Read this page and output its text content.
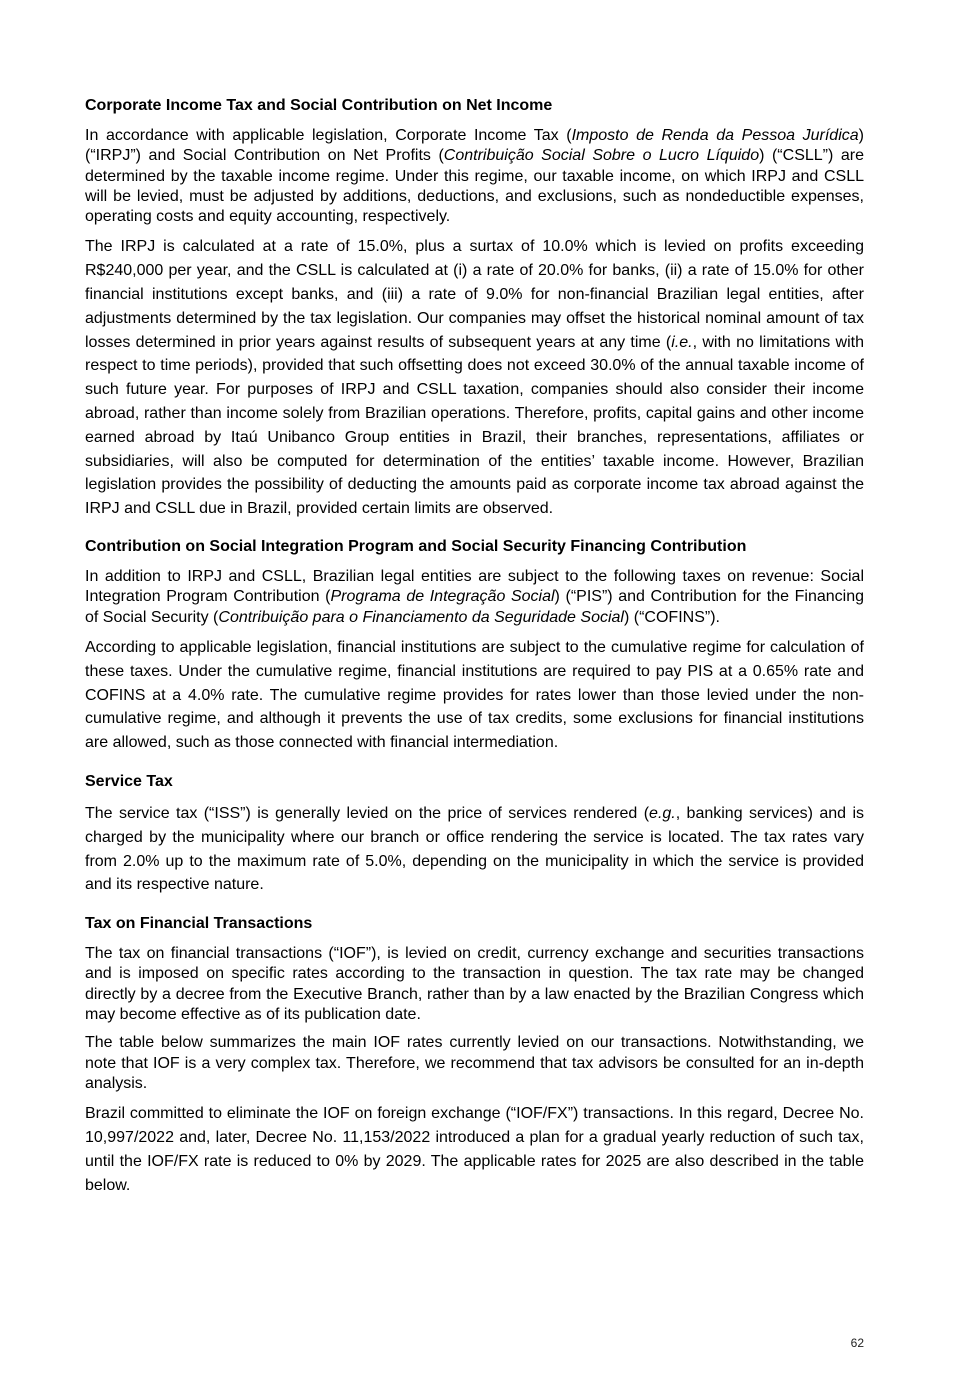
Corporate Income Tax and Social Contribution on Net Income

In accordance with applicable legislation, Corporate Income Tax (Imposto de Renda da Pessoa Jurídica) (“IRPJ”) and Social Contribution on Net Profits (Contribuição Social Sobre o Lucro Líquido) (“CSLL”) are determined by the taxable income regime. Under this regime, our taxable income, on which IRPJ and CSLL will be levied, must be adjusted by additions, deductions, and exclusions, such as nondeductible expenses, operating costs and equity accounting, respectively.

The IRPJ is calculated at a rate of 15.0%, plus a surtax of 10.0% which is levied on profits exceeding R$240,000 per year, and the CSLL is calculated at (i) a rate of 20.0% for banks, (ii) a rate of 15.0% for other financial institutions except banks, and (iii) a rate of 9.0% for non-financial Brazilian legal entities, after adjustments determined by the tax legislation. Our companies may offset the historical nominal amount of tax losses determined in prior years against results of subsequent years at any time (i.e., with no limitations with respect to time periods), provided that such offsetting does not exceed 30.0% of the annual taxable income of such future year. For purposes of IRPJ and CSLL taxation, companies should also consider their income abroad, rather than income solely from Brazilian operations. Therefore, profits, capital gains and other income earned abroad by Itaú Unibanco Group entities in Brazil, their branches, representations, affiliates or subsidiaries, will also be computed for determination of the entities’ taxable income. However, Brazilian legislation provides the possibility of deducting the amounts paid as corporate income tax abroad against the IRPJ and CSLL due in Brazil, provided certain limits are observed.

Contribution on Social Integration Program and Social Security Financing Contribution

In addition to IRPJ and CSLL, Brazilian legal entities are subject to the following taxes on revenue: Social Integration Program Contribution (Programa de Integração Social) (“PIS”) and Contribution for the Financing of Social Security (Contribuição para o Financiamento da Seguridade Social) (“COFINS”).

According to applicable legislation, financial institutions are subject to the cumulative regime for calculation of these taxes. Under the cumulative regime, financial institutions are required to pay PIS at a 0.65% rate and COFINS at a 4.0% rate. The cumulative regime provides for rates lower than those levied under the non-cumulative regime, and although it prevents the use of tax credits, some exclusions for financial institutions are allowed, such as those connected with financial intermediation.

Service Tax

The service tax (“ISS”) is generally levied on the price of services rendered (e.g., banking services) and is charged by the municipality where our branch or office rendering the service is located. The tax rates vary from 2.0% up to the maximum rate of 5.0%, depending on the municipality in which the service is provided and its respective nature.

Tax on Financial Transactions

The tax on financial transactions (“IOF”), is levied on credit, currency exchange and securities transactions and is imposed on specific rates according to the transaction in question. The tax rate may be changed directly by a decree from the Executive Branch, rather than by a law enacted by the Brazilian Congress which may become effective as of its publication date.

The table below summarizes the main IOF rates currently levied on our transactions. Notwithstanding, we note that IOF is a very complex tax. Therefore, we recommend that tax advisors be consulted for an in-depth analysis.

Brazil committed to eliminate the IOF on foreign exchange (“IOF/FX”) transactions. In this regard, Decree No. 10,997/2022 and, later, Decree No. 11,153/2022 introduced a plan for a gradual yearly reduction of such tax, until the IOF/FX rate is reduced to 0% by 2029. The applicable rates for 2025 are also described in the table below.

62
